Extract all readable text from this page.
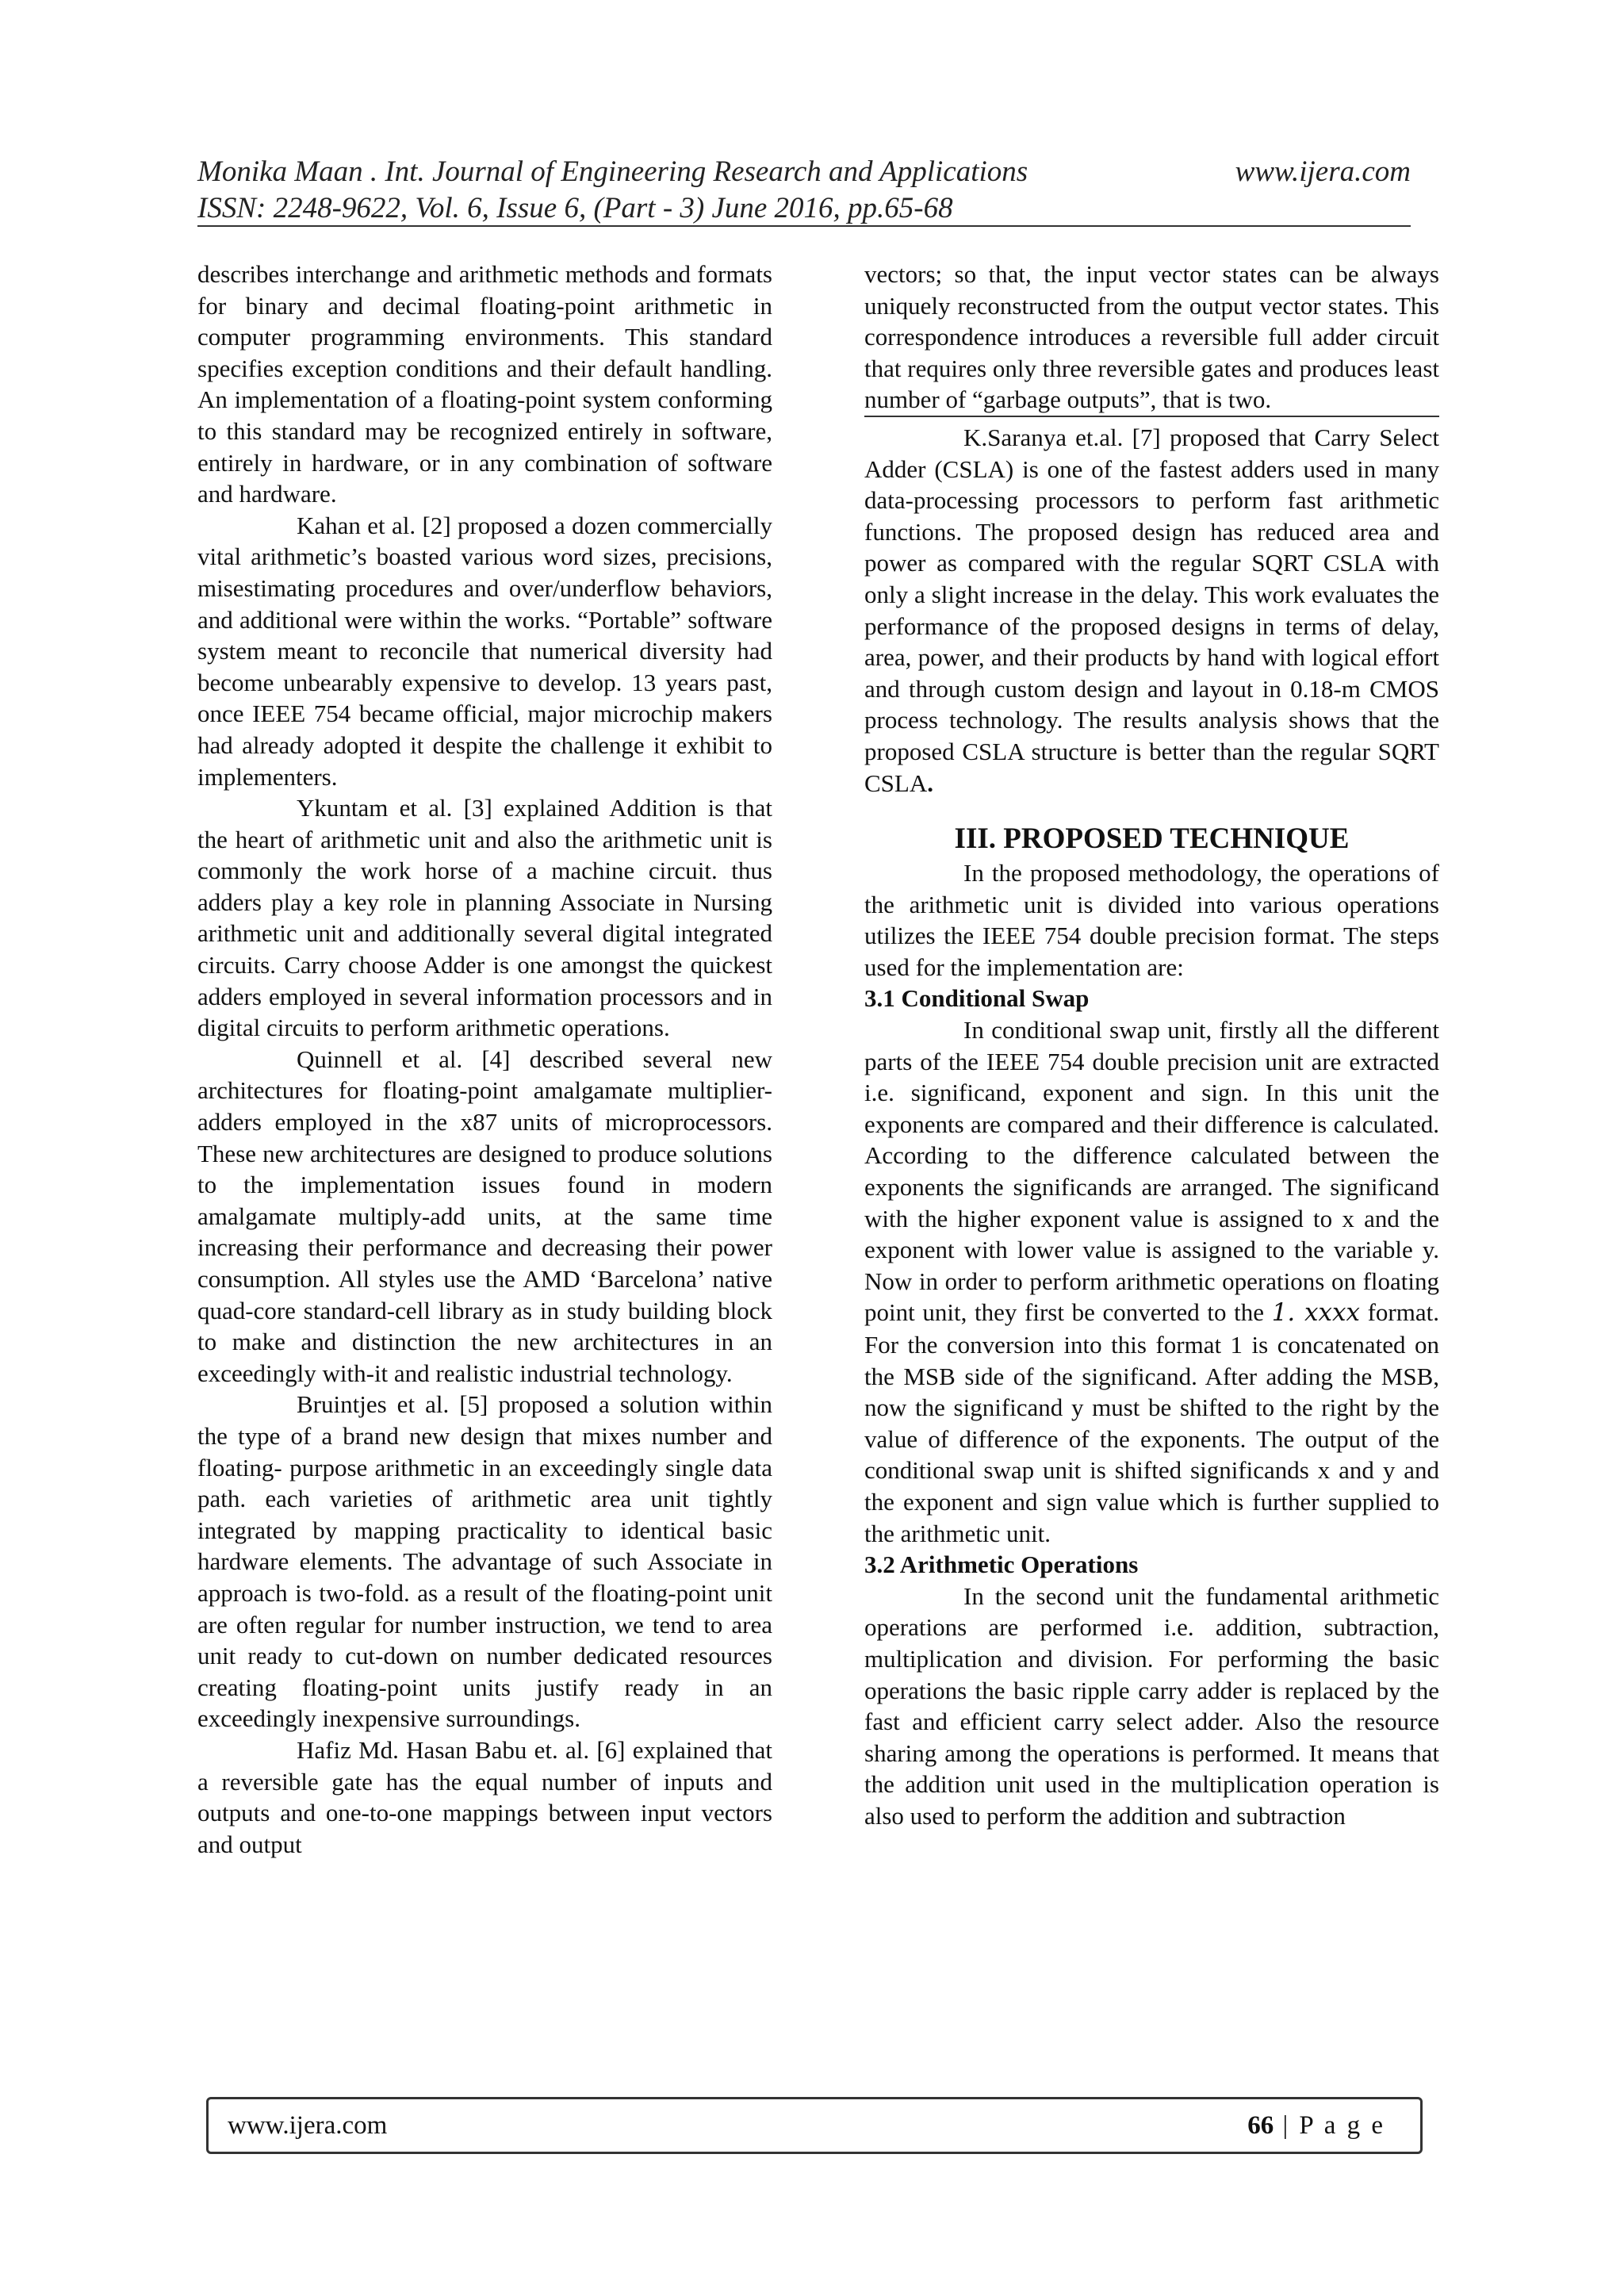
Monika Maan . Int. Journal of Engineering Research and Applications	www.ijera.com
ISSN: 2248-9622, Vol. 6, Issue 6, (Part - 3) June 2016, pp.65-68

describes interchange and arithmetic methods and formats for binary and decimal floating-point arithmetic in computer programming environments. This standard specifies exception conditions and their default handling. An implementation of a floating-point system conforming to this standard may be recognized entirely in software, entirely in hardware, or in any combination of software and hardware.

Kahan et al. [2] proposed a dozen commercially vital arithmetic’s boasted various word sizes, precisions, misestimating procedures and over/underflow behaviors, and additional were within the works. “Portable” software system meant to reconcile that numerical diversity had become unbearably expensive to develop. 13 years past, once IEEE 754 became official, major microchip makers had already adopted it despite the challenge it exhibit to implementers.

Ykuntam et al. [3] explained Addition is that the heart of arithmetic unit and also the arithmetic unit is commonly the work horse of a machine circuit. thus adders play a key role in planning Associate in Nursing arithmetic unit and additionally several digital integrated circuits. Carry choose Adder is one amongst the quickest adders employed in several information processors and in digital circuits to perform arithmetic operations.

Quinnell et al. [4] described several new architectures for floating-point amalgamate multiplier-adders employed in the x87 units of microprocessors. These new architectures are designed to produce solutions to the implementation issues found in modern amalgamate multiply-add units, at the same time increasing their performance and decreasing their power consumption. All styles use the AMD ‘Barcelona’ native quad-core standard-cell library as in study building block to make and distinction the new architectures in an exceedingly with-it and realistic industrial technology.

Bruintjes et al. [5] proposed a solution within the type of a brand new design that mixes number and floating- purpose arithmetic in an exceedingly single data path. each varieties of arithmetic area unit tightly integrated by mapping practicality to identical basic hardware elements. The advantage of such Associate in approach is two-fold. as a result of the floating-point unit are often regular for number instruction, we tend to area unit ready to cut-down on number dedicated resources creating floating-point units justify ready in an exceedingly inexpensive surroundings.

Hafiz Md. Hasan Babu et. al. [6] explained that a reversible gate has the equal number of inputs and outputs and one-to-one mappings between input vectors and output

vectors; so that, the input vector states can be always uniquely reconstructed from the output vector states. This correspondence introduces a reversible full adder circuit that requires only three reversible gates and produces least number of “garbage outputs”, that is two.

K.Saranya et.al. [7] proposed that Carry Select Adder (CSLA) is one of the fastest adders used in many data-processing processors to perform fast arithmetic functions. The proposed design has reduced area and power as compared with the regular SQRT CSLA with only a slight increase in the delay. This work evaluates the performance of the proposed designs in terms of delay, area, power, and their products by hand with logical effort and through custom design and layout in 0.18-m CMOS process technology. The results analysis shows that the proposed CSLA structure is better than the regular SQRT CSLA.

III. PROPOSED TECHNIQUE

In the proposed methodology, the operations of the arithmetic unit is divided into various operations utilizes the IEEE 754 double precision format. The steps used for the implementation are:

3.1 Conditional Swap

In conditional swap unit, firstly all the different parts of the IEEE 754 double precision unit are extracted i.e. significand, exponent and sign. In this unit the exponents are compared and their difference is calculated. According to the difference calculated between the exponents the significands are arranged. The significand with the higher exponent value is assigned to x and the exponent with lower value is assigned to the variable y. Now in order to perform arithmetic operations on floating point unit, they first be converted to the 1. xxxx format. For the conversion into this format 1 is concatenated on the MSB side of the significand. After adding the MSB, now the significand y must be shifted to the right by the value of difference of the exponents. The output of the conditional swap unit is shifted significands x and y and the exponent and sign value which is further supplied to the arithmetic unit.

3.2 Arithmetic Operations

In the second unit the fundamental arithmetic operations are performed i.e. addition, subtraction, multiplication and division. For performing the basic operations the basic ripple carry adder is replaced by the fast and efficient carry select adder. Also the resource sharing among the operations is performed. It means that the addition unit used in the multiplication operation is also used to perform the addition and subtraction

www.ijera.com	66 | P a g e
